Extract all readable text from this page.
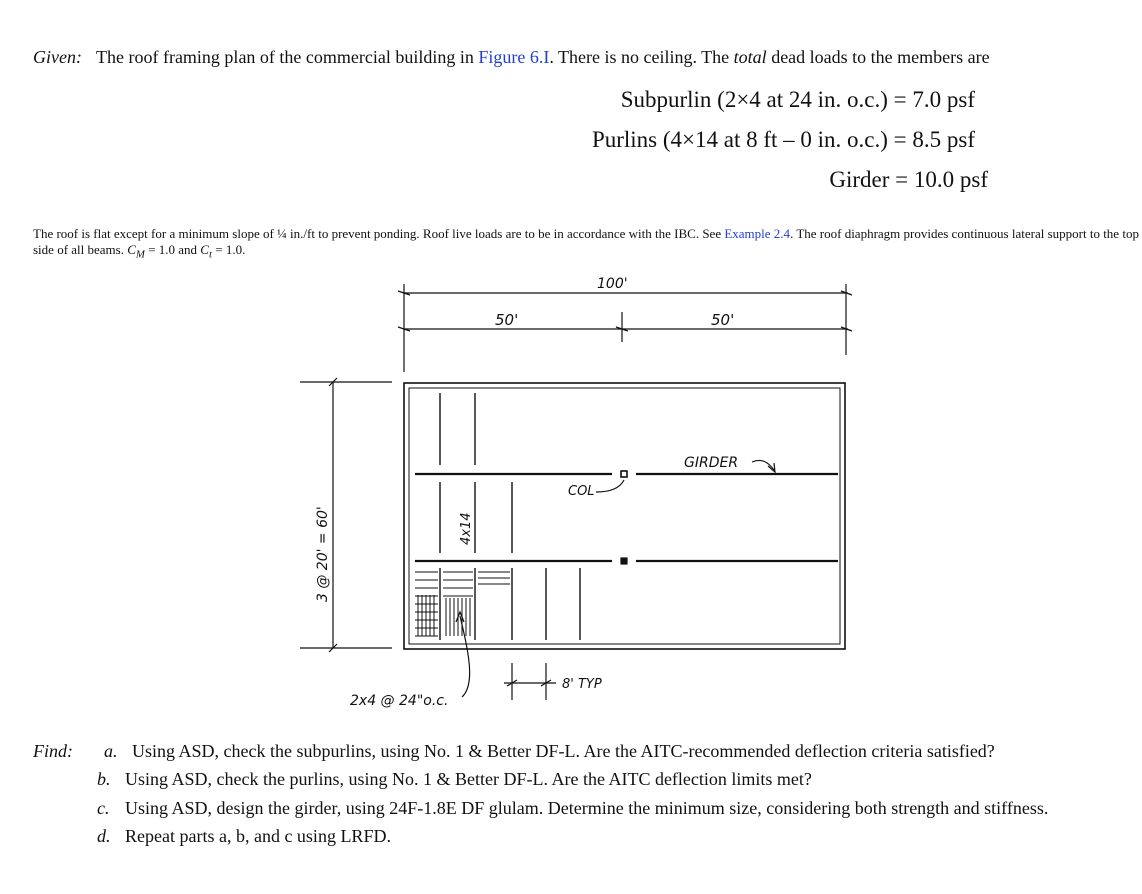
Given: The roof framing plan of the commercial building in Figure 6.I. There is no ceiling. The total dead loads to the members are
Subpurlin (2×4 at 24 in. o.c.) = 7.0 psf
Purlins (4×14 at 8 ft – 0 in. o.c.) = 8.5 psf
Girder = 10.0 psf
The roof is flat except for a minimum slope of ¼ in./ft to prevent ponding. Roof live loads are to be in accordance with the IBC. See Example 2.4. The roof diaphragm provides continuous lateral support to the top side of all beams. $C_M = 1.0$ and $C_t = 1.0$.
100'
50'	50'
3 @ 20' = 60'
GIRDER
COL
4x14
2x4 @ 24"o.c.
8' TYP
Find: a. Using ASD, check the subpurlins, using No. 1 & Better DF-L. Are the AITC-recommended deflection criteria satisfied?
b. Using ASD, check the purlins, using No. 1 & Better DF-L. Are the AITC deflection limits met?
c. Using ASD, design the girder, using 24F-1.8E DF glulam. Determine the minimum size, considering both strength and stiffness.
d. Repeat parts a, b, and c using LRFD.
